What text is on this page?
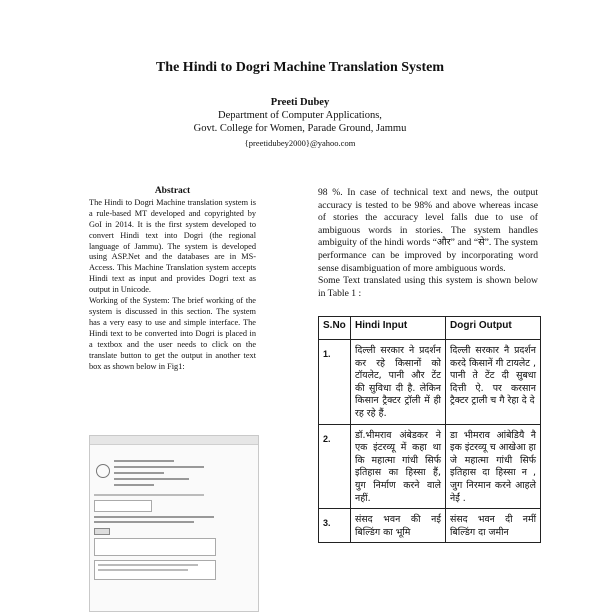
The Hindi to Dogri Machine Translation System
Preeti Dubey
Department of Computer Applications,
Govt. College for Women, Parade Ground, Jammu
{preetidubey2000}@yahoo.com
Abstract

The Hindi to Dogri Machine translation system is a rule-based MT developed and copyrighted by GoI in 2014. It is the first system developed to convert Hindi text into Dogri (the regional language of Jammu). The system is developed using ASP.Net and the databases are in MS-Access. This Machine Translation system accepts Hindi text as input and provides Dogri text as output in Unicode.

Working of the System: The brief working of the system is discussed in this section. The system has a very easy to use and simple interface. The Hindi text to be converted into Dogri is placed in a textbox and the user needs to click on the translate button to get the output in another text box as shown below in Fig1:

98 %. In case of technical text and news, the output accuracy is tested to be 98% and above whereas incase of stories the accuracy level falls due to use of ambiguous words in stories. The system handles ambiguity of the hindi words “और” and “से”. The system performance can be improved by incorporating word sense disambiguation of more ambiguous words.

Some Text translated using this system is shown below in Table 1 :

S.No	Hindi Input	Dogri Output
1.	दिल्ली सरकार ने प्रदर्शन कर रहे किसानों को टॉयलेट, पानी और टेंट की सुविधा दी है. लेकिन किसान ट्रैक्टर ट्रॉली में ही रह रहे हैं.	दिल्ली सरकार नै प्रदर्शन करदे किसानें गी टायलेट , पानी ते टेंट दी सुबधा दित्ती ऐ. पर करसान ट्रैक्टर ट्राली च गै रेहा दे दे
2.	डॉ.भीमराव अंबेडकर ने एक इंटरव्यू में कहा था कि महात्मा गांधी सिर्फ इतिहास का हिस्सा हैं, युग निर्माण करने वाले नहीं.	डा भीमराव आंबेडियै नै इक इंटरव्यू च आखेआ हा जे महात्मा गांधी सिर्फ इतिहास दा हिस्सा न , जुग निरमान करने आहले नेईं .
3.	संसद भवन की नई बिल्डिंग का भूमि	संसद भवन दी नमीं बिल्डिंग दा जमीन
